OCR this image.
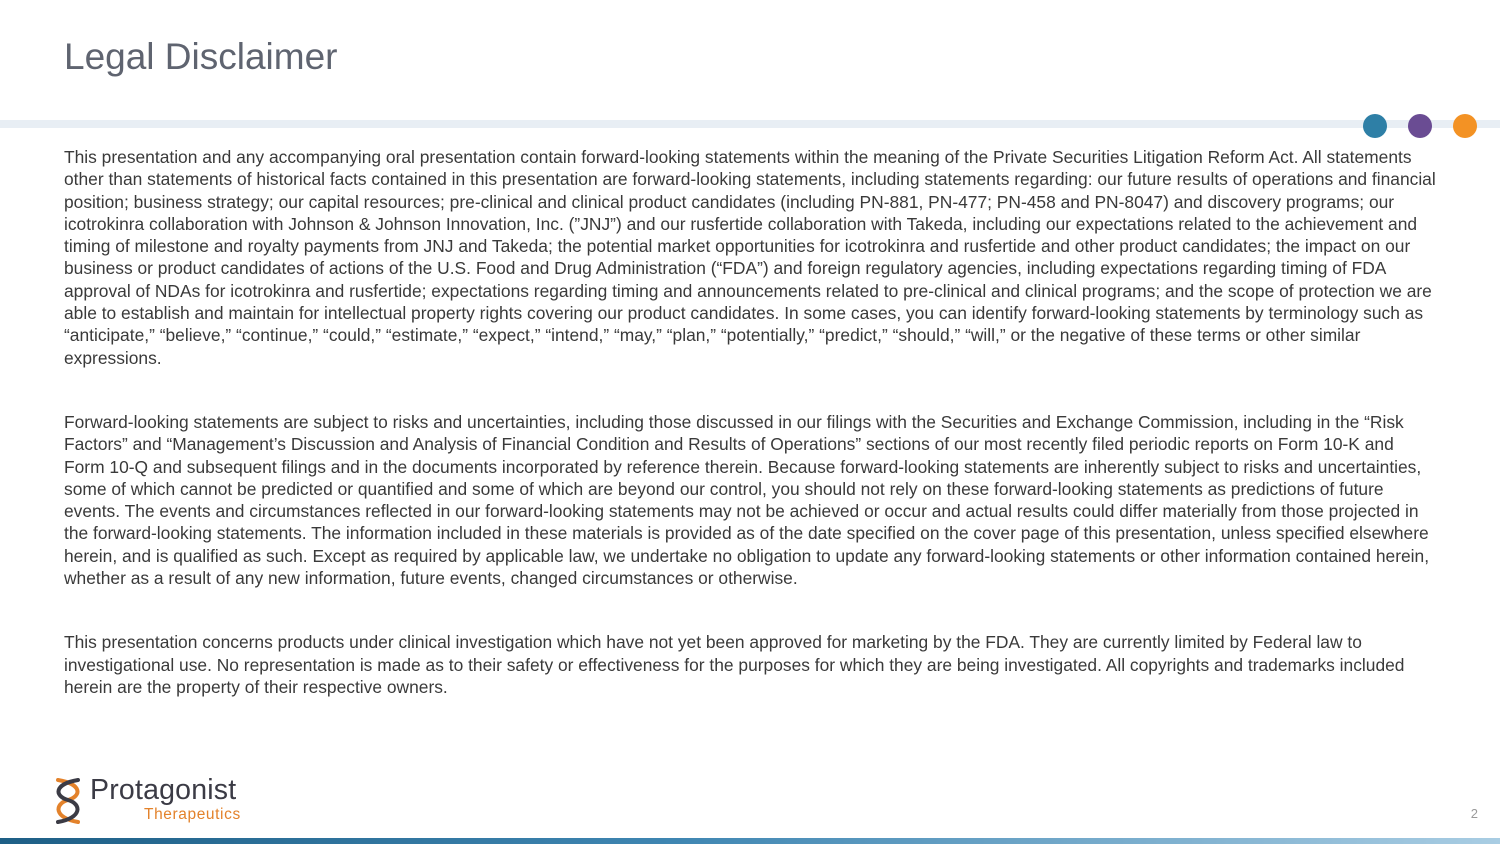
Legal Disclaimer

This presentation and any accompanying oral presentation contain forward-looking statements within the meaning of the Private Securities Litigation Reform Act. All statements other than statements of historical facts contained in this presentation are forward-looking statements, including statements regarding: our future results of operations and financial position; business strategy; our capital resources; pre-clinical and clinical product candidates (including PN-881, PN-477; PN-458 and PN-8047) and discovery programs; our icotrokinra collaboration with Johnson & Johnson Innovation, Inc. (”JNJ”) and our rusfertide collaboration with Takeda, including our expectations related to the achievement and timing of milestone and royalty payments from JNJ and Takeda; the potential market opportunities for icotrokinra and rusfertide and other product candidates; the impact on our business or product candidates of actions of the U.S. Food and Drug Administration (“FDA”) and foreign regulatory agencies, including expectations regarding timing of FDA approval of NDAs for icotrokinra and rusfertide; expectations regarding timing and announcements related to pre-clinical and clinical programs; and the scope of protection we are able to establish and maintain for intellectual property rights covering our product candidates. In some cases, you can identify forward-looking statements by terminology such as “anticipate,” “believe,” “continue,” “could,” “estimate,” “expect,” “intend,” “may,” “plan,” “potentially,” “predict,” “should,” “will,” or the negative of these terms or other similar expressions.

Forward-looking statements are subject to risks and uncertainties, including those discussed in our filings with the Securities and Exchange Commission, including in the “Risk Factors” and “Management’s Discussion and Analysis of Financial Condition and Results of Operations” sections of our most recently filed periodic reports on Form 10-K and Form 10-Q and subsequent filings and in the documents incorporated by reference therein. Because forward-looking statements are inherently subject to risks and uncertainties, some of which cannot be predicted or quantified and some of which are beyond our control, you should not rely on these forward-looking statements as predictions of future events. The events and circumstances reflected in our forward-looking statements may not be achieved or occur and actual results could differ materially from those projected in the forward-looking statements. The information included in these materials is provided as of the date specified on the cover page of this presentation, unless specified elsewhere herein, and is qualified as such. Except as required by applicable law, we undertake no obligation to update any forward-looking statements or other information contained herein, whether as a result of any new information, future events, changed circumstances or otherwise.

This presentation concerns products under clinical investigation which have not yet been approved for marketing by the FDA. They are currently limited by Federal law to investigational use. No representation is made as to their safety or effectiveness for the purposes for which they are being investigated. All copyrights and trademarks included herein are the property of their respective owners.

Protagonist
Therapeutics	2
